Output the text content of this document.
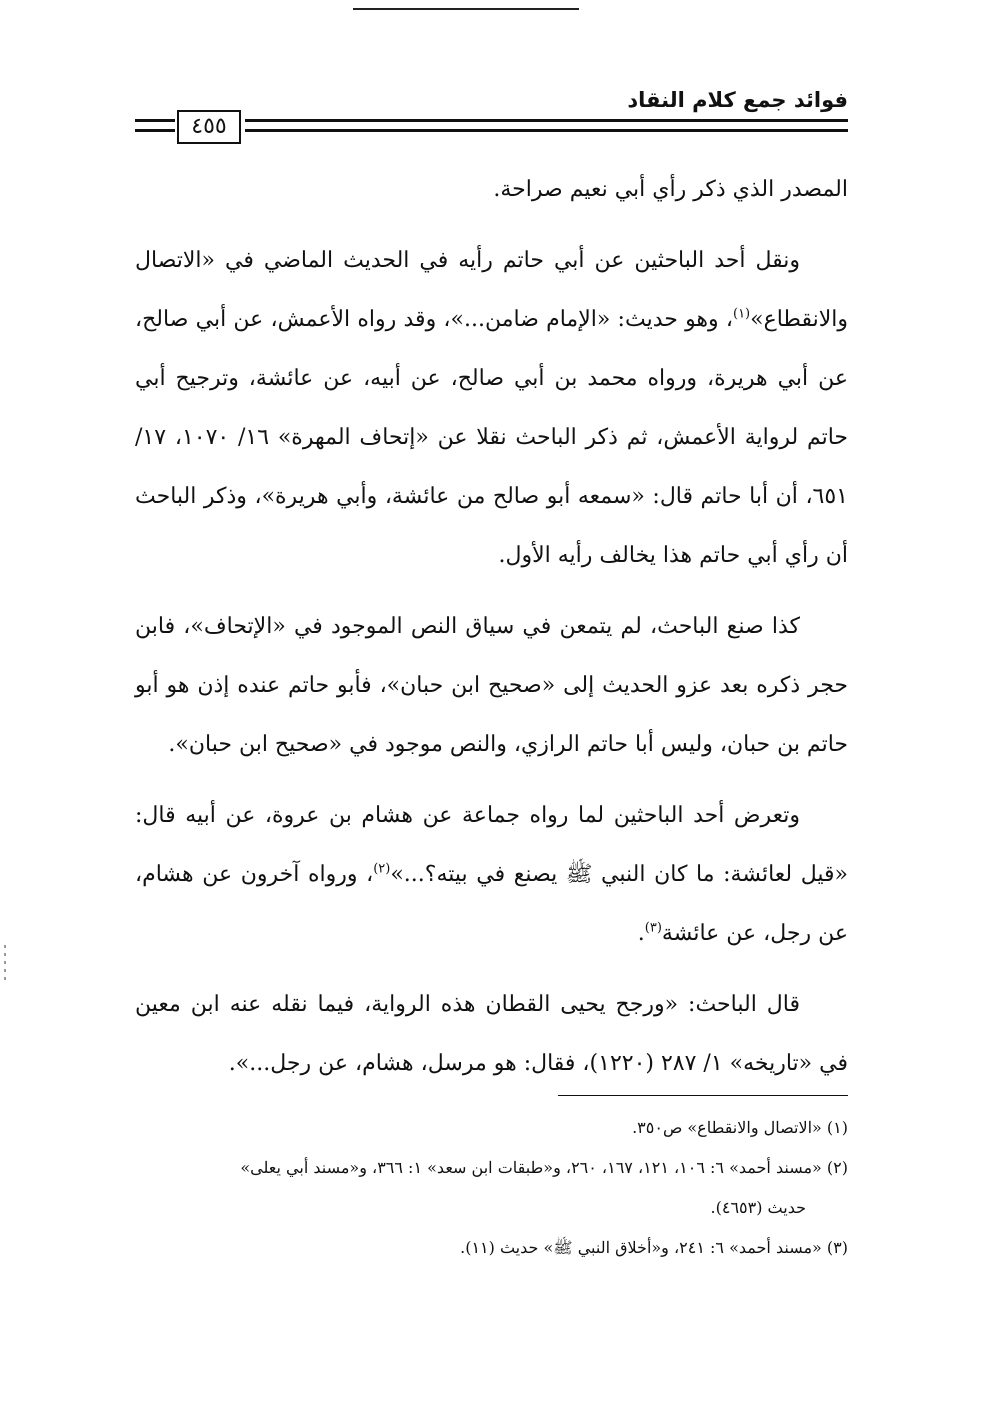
فوائد جمع كلام النقاد
٤٥٥

المصدر الذي ذكر رأي أبي نعيم صراحة.

ونقل أحد الباحثين عن أبي حاتم رأيه في الحديث الماضي في «الاتصال والانقطاع»$^{(١)}$، وهو حديث: «الإمام ضامن...»، وقد رواه الأعمش، عن أبي صالح، عن أبي هريرة، ورواه محمد بن أبي صالح، عن أبيه، عن عائشة، وترجيح أبي حاتم لرواية الأعمش، ثم ذكر الباحث نقلا عن «إتحاف المهرة» ١٦/ ١٠٧٠، ١٧/ ٦٥١، أن أبا حاتم قال: «سمعه أبو صالح من عائشة، وأبي هريرة»، وذكر الباحث أن رأي أبي حاتم هذا يخالف رأيه الأول.

كذا صنع الباحث، لم يتمعن في سياق النص الموجود في «الإتحاف»، فابن حجر ذكره بعد عزو الحديث إلى «صحيح ابن حبان»، فأبو حاتم عنده إذن هو أبو حاتم بن حبان، وليس أبا حاتم الرازي، والنص موجود في «صحيح ابن حبان».

وتعرض أحد الباحثين لما رواه جماعة عن هشام بن عروة، عن أبيه قال: «قيل لعائشة: ما كان النبي ﷺ يصنع في بيته؟...»$^{(٢)}$، ورواه آخرون عن هشام، عن رجل، عن عائشة$^{(٣)}$.

قال الباحث: «ورجح يحيى القطان هذه الرواية، فيما نقله عنه ابن معين في «تاريخه» ١/ ٢٨٧ (١٢٢٠)، فقال: هو مرسل، هشام، عن رجل...».

(١) «الاتصال والانقطاع» ص٣٥٠.

(٢) «مسند أحمد» ٦: ١٠٦، ١٢١، ١٦٧، ٢٦٠، و«طبقات ابن سعد» ١: ٣٦٦، و«مسند أبي يعلى»

حديث (٤٦٥٣).

(٣) «مسند أحمد» ٦: ٢٤١، و«أخلاق النبي ﷺ» حديث (١١).
